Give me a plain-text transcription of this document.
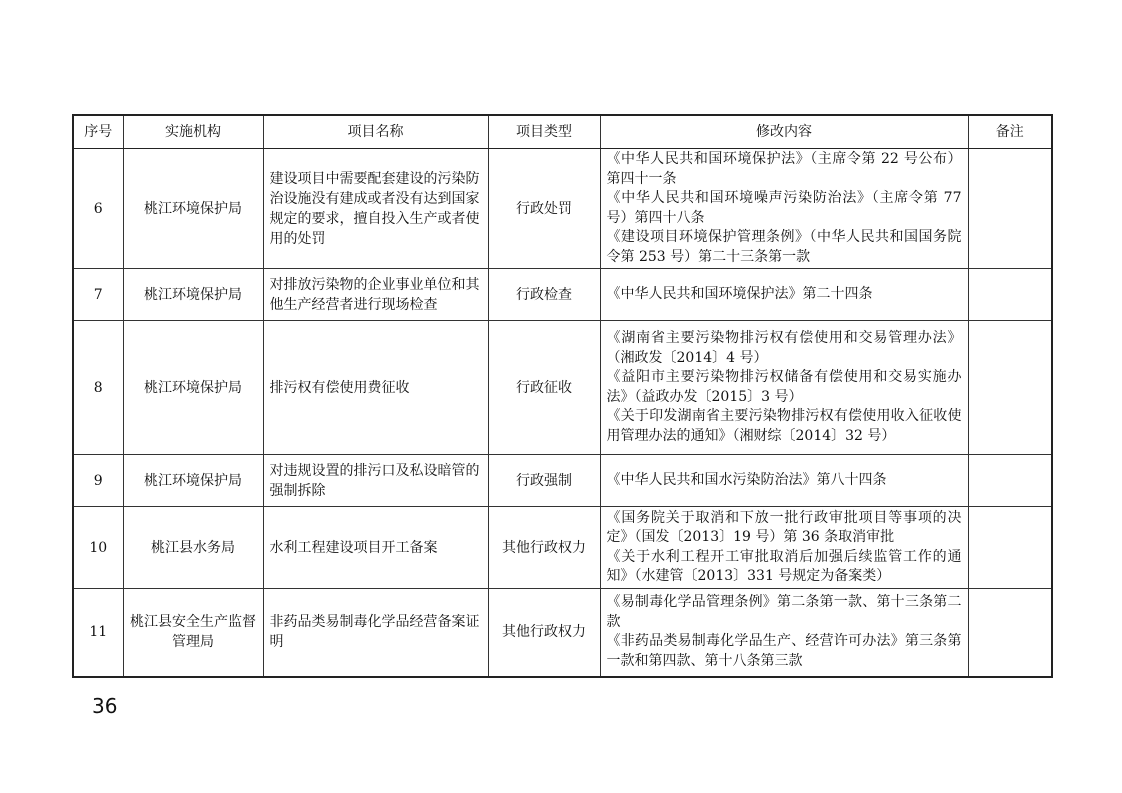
序号	实施机构	项目名称	项目类型	修改内容	备注
6	桃江环境保护局	建设项目中需要配套建设的污染防治设施没有建成或者没有达到国家规定的要求，擅自投入生产或者使用的处罚	行政处罚	《中华人民共和国环境保护法》（主席令第 22 号公布）第四十一条
《中华人民共和国环境噪声污染防治法》（主席令第 77 号）第四十八条
《建设项目环境保护管理条例》（中华人民共和国国务院令第 253 号）第二十三条第一款	

7	桃江环境保护局	对排放污染物的企业事业单位和其他生产经营者进行现场检查	行政检查	《中华人民共和国环境保护法》第二十四条	

8	桃江环境保护局	排污权有偿使用费征收	行政征收	《湖南省主要污染物排污权有偿使用和交易管理办法》（湘政发〔2014〕4 号）
《益阳市主要污染物排污权储备有偿使用和交易实施办法》（益政办发〔2015〕3 号）
《关于印发湖南省主要污染物排污权有偿使用收入征收使用管理办法的通知》（湘财综〔2014〕32 号）	

9	桃江环境保护局	对违规设置的排污口及私设暗管的强制拆除	行政强制	《中华人民共和国水污染防治法》第八十四条	

10	桃江县水务局	水利工程建设项目开工备案	其他行政权力	《国务院关于取消和下放一批行政审批项目等事项的决定》（国发〔2013〕19 号）第 36 条取消审批
《关于水利工程开工审批取消后加强后续监管工作的通知》（水建管〔2013〕331 号规定为备案类）	

11	桃江县安全生产监督管理局	非药品类易制毒化学品经营备案证明	其他行政权力	《易制毒化学品管理条例》第二条第一款、第十三条第二款
《非药品类易制毒化学品生产、经营许可办法》第三条第一款和第四款、第十八条第三款	

36
